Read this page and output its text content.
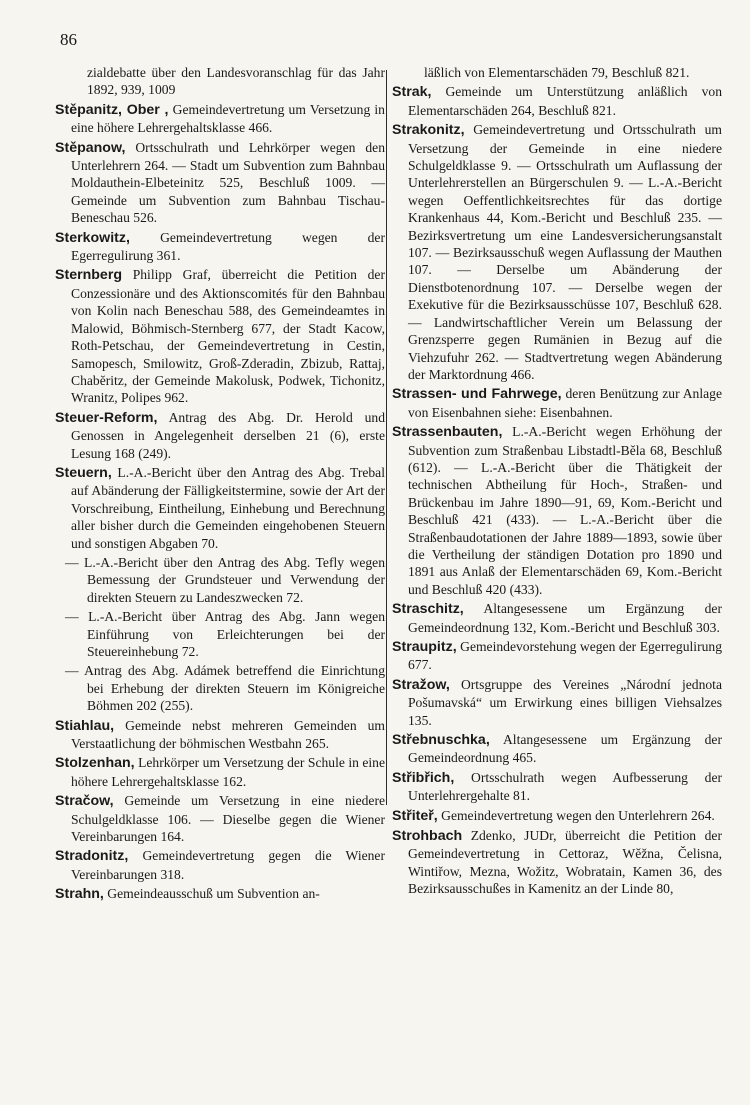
86

zialdebatte über den Landesvoranschlag für das Jahr 1892, 939, 1009

Stěpanitz, Ober , Gemeindevertretung um Versetzung in eine höhere Lehrergehaltsklasse 466.

Stěpanow, Ortsschulrath und Lehrkörper wegen den Unterlehrern 264. — Stadt um Subvention zum Bahnbau Moldauthein-Elbeteinitz 525, Beschluß 1009. — Gemeinde um Subvention zum Bahnbau Tischau-Beneschau 526.

Sterkowitz, Gemeindevertretung wegen der Egerregulirung 361.

Sternberg Philipp Graf, überreicht die Petition der Conzessionäre und des Aktionscomités für den Bahnbau von Kolin nach Beneschau 588, des Gemeindeamtes in Malowid, Böhmisch-Sternberg 677, der Stadt Kacow, Roth-Petschau, der Gemeindevertretung in Cestin, Samopesch, Smilowitz, Groß-Zderadin, Zbizub, Rattaj, Chabĕritz, der Gemeinde Makolusk, Podwek, Tichonitz, Wranitz, Polipes 962.

Steuer-Reform, Antrag des Abg. Dr. Herold und Genossen in Angelegenheit derselben 21 (6), erste Lesung 168 (249).

Steuern, L.-A.-Bericht über den Antrag des Abg. Trebal auf Abänderung der Fälligkeitstermine, sowie der Art der Vorschreibung, Eintheilung, Einhebung und Berechnung aller bisher durch die Gemeinden eingehobenen Steuern und sonstigen Abgaben 70.

— L.-A.-Bericht über den Antrag des Abg. Tefly wegen Bemessung der Grundsteuer und Verwendung der direkten Steuern zu Landeszwecken 72.

— L.-A.-Bericht über Antrag des Abg. Jann wegen Einführung von Erleichterungen bei der Steuereinhebung 72.

— Antrag des Abg. Adámek betreffend die Einrichtung bei Erhebung der direkten Steuern im Königreiche Böhmen 202 (255).

Stiahlau, Gemeinde nebst mehreren Gemeinden um Verstaatlichung der böhmischen Westbahn 265.

Stolzenhan, Lehrkörper um Versetzung der Schule in eine höhere Lehrergehaltsklasse 162.

Stračow, Gemeinde um Versetzung in eine niedere Schulgeldklasse 106. — Dieselbe gegen die Wiener Vereinbarungen 164.

Stradonitz, Gemeindevertretung gegen die Wiener Vereinbarungen 318.

Strahn, Gemeindeausschuß um Subvention an-

läßlich von Elementarschäden 79, Beschluß 821.

Strak, Gemeinde um Unterstützung anläßlich von Elementarschäden 264, Beschluß 821.

Strakonitz, Gemeindevertretung und Ortsschulrath um Versetzung der Gemeinde in eine niedere Schulgeldklasse 9. — Ortsschulrath um Auflassung der Unterlehrerstellen an Bürgerschulen 9. — L.-A.-Bericht wegen Oeffentlichkeitsrechtes für das dortige Krankenhaus 44, Kom.-Bericht und Beschluß 235. — Bezirksvertretung um eine Landesversicherungsanstalt 107. — Bezirksausschuß wegen Auflassung der Mauthen 107. — Derselbe um Abänderung der Dienstbotenordnung 107. — Derselbe wegen der Exekutive für die Bezirksausschüsse 107, Beschluß 628. — Landwirtschaftlicher Verein um Belassung der Grenzsperre gegen Rumänien in Bezug auf die Viehzufuhr 262. — Stadtvertretung wegen Abänderung der Marktordnung 466.

Strassen- und Fahrwege, deren Benützung zur Anlage von Eisenbahnen siehe: Eisenbahnen.

Strassenbauten, L.-A.-Bericht wegen Erhöhung der Subvention zum Straßenbau Libstadtl-Běla 68, Beschluß (612). — L.-A.-Bericht über die Thätigkeit der technischen Abtheilung für Hoch-, Straßen- und Brückenbau im Jahre 1890—91, 69, Kom.-Bericht und Beschluß 421 (433). — L.-A.-Bericht über die Straßenbaudotationen der Jahre 1889—1893, sowie über die Vertheilung der ständigen Dotation pro 1890 und 1891 aus Anlaß der Elementarschäden 69, Kom.-Bericht und Beschluß 420 (433).

Straschitz, Altangesessene um Ergänzung der Gemeindeordnung 132, Kom.-Bericht und Beschluß 303.

Straupitz, Gemeindevorstehung wegen der Egerregulirung 677.

Stražow, Ortsgruppe des Vereines „Národní jednota Pošumavská“ um Erwirkung eines billigen Viehsalzes 135.

Střebnuschka, Altangesessene um Ergänzung der Gemeindeordnung 465.

Střibřich, Ortsschulrath wegen Aufbesserung der Unterlehrergehalte 81.

Střiteř, Gemeindevertretung wegen den Unterlehrern 264.

Strohbach Zdenko, JUDr, überreicht die Petition der Gemeindevertretung in Cettoraz, Wěžna, Čelisna, Wintiřow, Mezna, Wožitz, Wobratain, Kamen 36, des Bezirksausschußes in Kamenitz an der Linde 80,
